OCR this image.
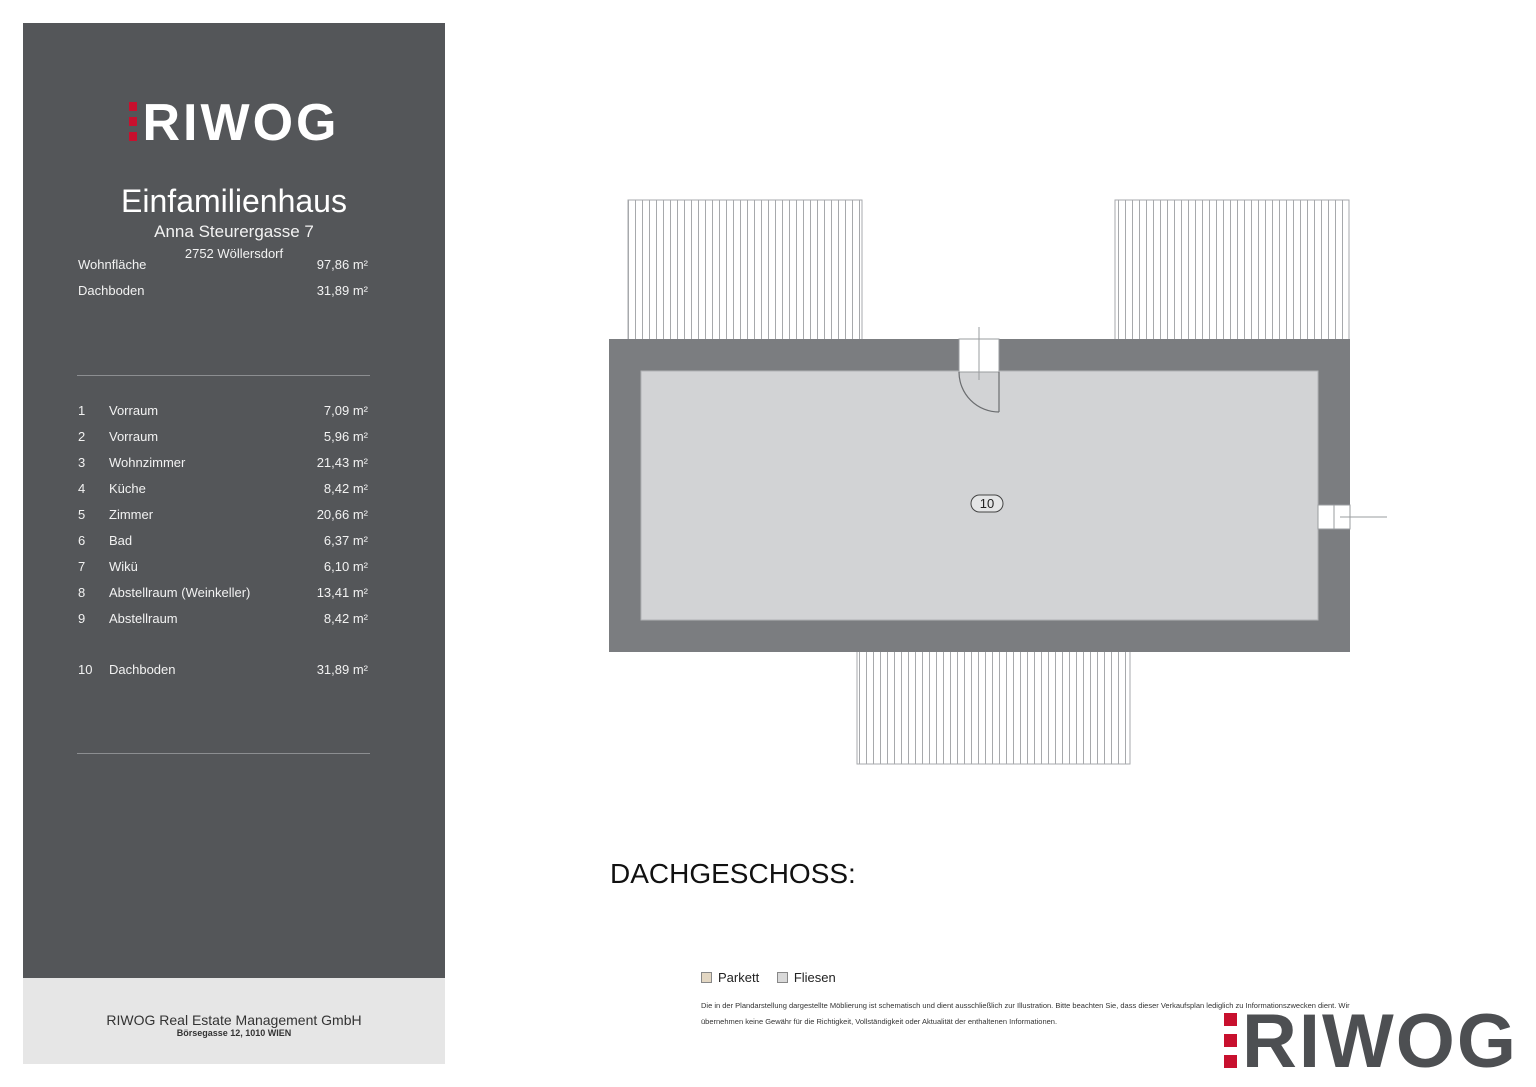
RIWOG
Einfamilienhaus
Anna Steurergasse 7
2752 Wöllersdorf
Wohnfläche	97,86 m²
Dachboden	31,89 m²
1 Vorraum	7,09 m²
2 Vorraum	5,96 m²
3 Wohnzimmer	21,43 m²
4 Küche	8,42 m²
5 Zimmer	20,66 m²
6 Bad	6,37 m²
7 Wikü	6,10 m²
8 Abstellraum (Weinkeller)	13,41 m²
9 Abstellraum	8,42 m²
10 Dachboden	31,89 m²
RIWOG Real Estate Management GmbH
Börsegasse 12, 1010 WIEN
10
DACHGESCHOSS:
Parkett	Fliesen
Die in der Plandarstellung dargestellte Möblierung ist schematisch und dient ausschließlich zur Illustration. Bitte beachten Sie, dass dieser Verkaufsplan lediglich zu Informationszwecken dient. Wir übernehmen keine Gewähr für die Richtigkeit, Vollständigkeit oder Aktualität der enthaltenen Informationen.	RIWOG
